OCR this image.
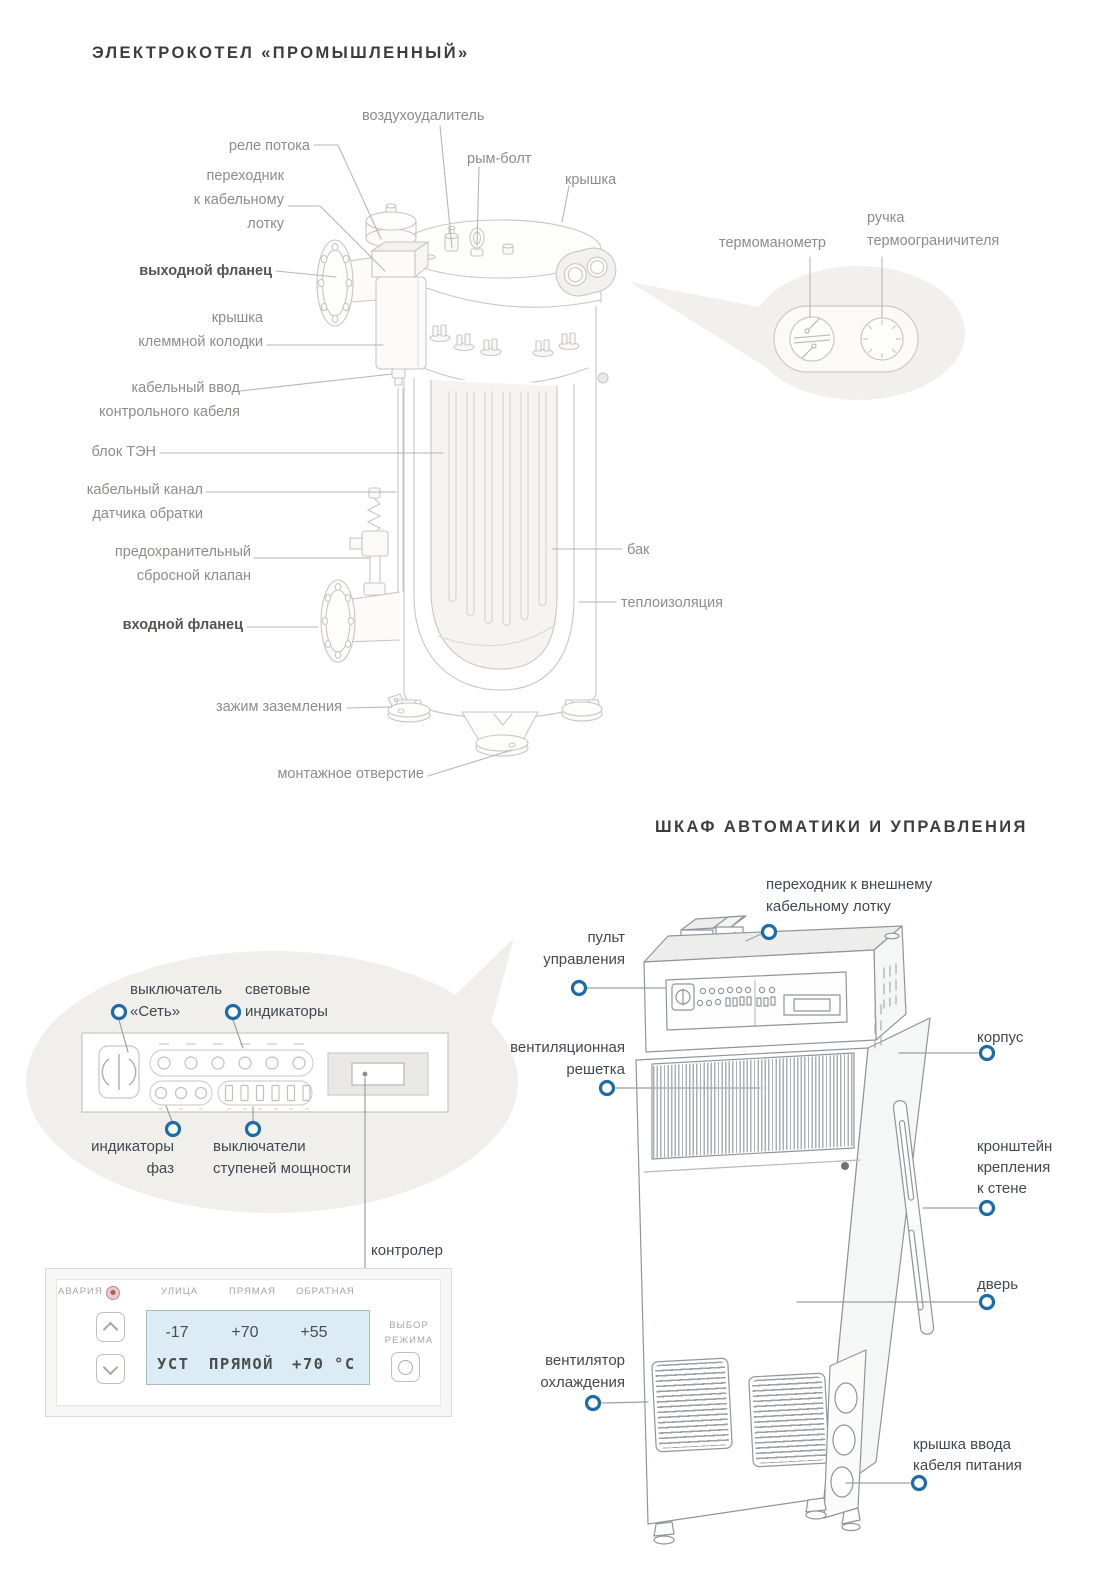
ЭЛЕКТРОКОТЕЛ «ПРОМЫШЛЕННЫЙ»
ШКАФ АВТОМАТИКИ И УПРАВЛЕНИЯ
воздухоудалитель
реле потока
переходник
к кабельному
лотку
рым-болт
крышка
выходной фланец
крышка
клеммной колодки
кабельный ввод
контрольного кабеля
блок ТЭН
кабельный канал
датчика обратки
предохранительный
сбросной клапан
входной фланец
зажим заземления
монтажное отверстие
бак
теплоизоляция
термоманометр
ручка
термоограничителя
переходник к внешнему
кабельному лотку
пульт
управления
вентиляционная
решетка
корпус
кронштейн
крепления
к стене
дверь
вентилятор
охлаждения
крышка ввода
кабеля питания
выключатель
«Сеть»
световые
индикаторы
индикаторы
фаз
выключатели
ступеней мощности
контролер
АВАРИЯ	УЛИЦА	ПРЯМАЯ ОБРАТНАЯ
-17	+70	+55
УСТ ПРЯМОЙ +70 °C
ВЫБОР
РЕЖИМА
